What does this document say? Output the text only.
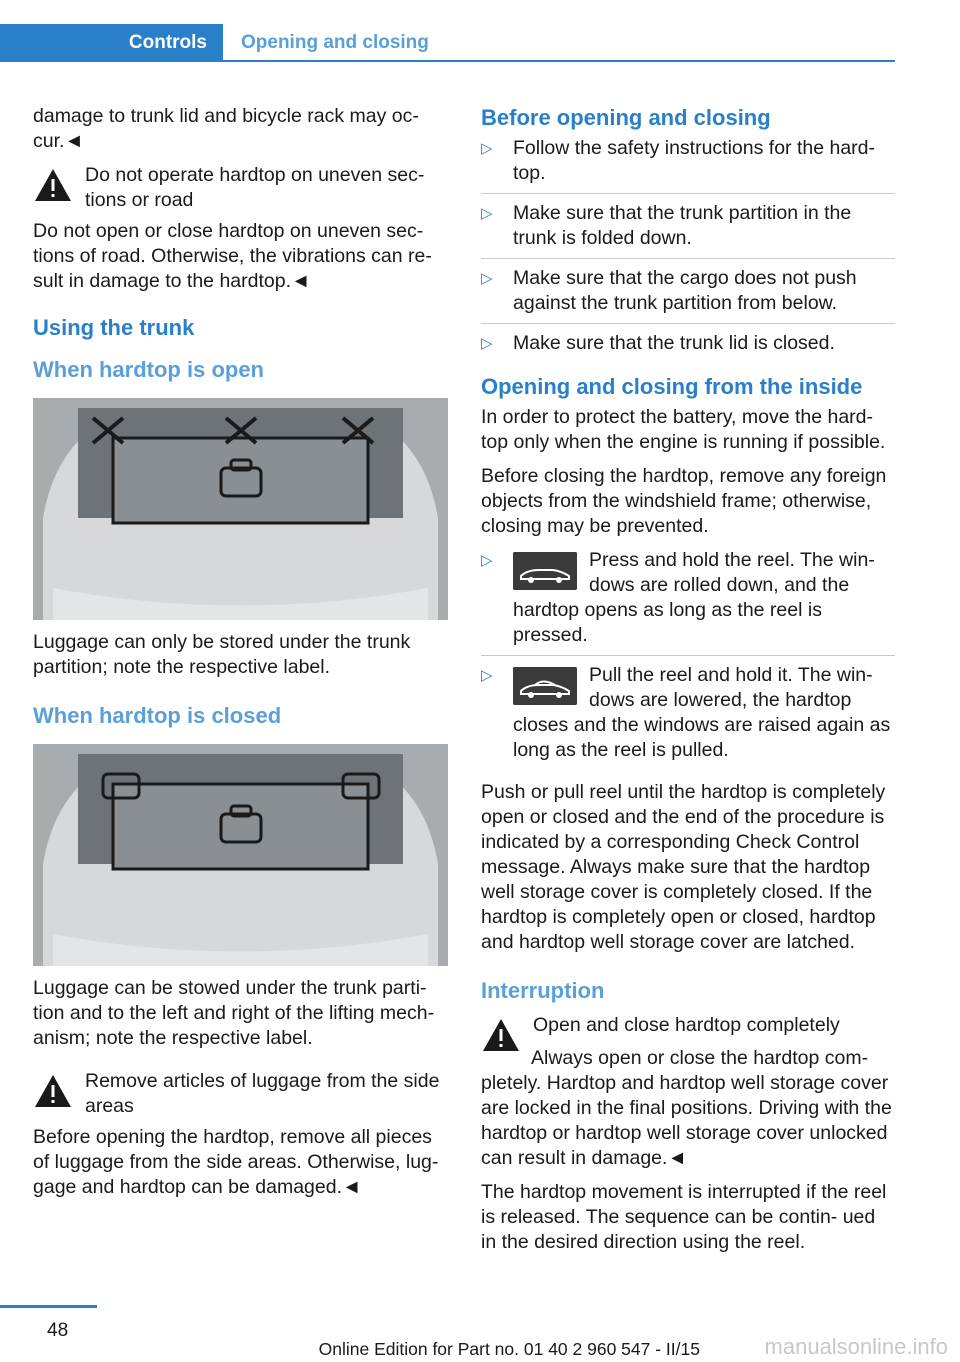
Controls	Opening and closing

damage to trunk lid and bicycle rack may oc- cur.◄

Do not operate hardtop on uneven sec- tions or road

Do not open or close hardtop on uneven sec- tions of road. Otherwise, the vibrations can re- sult in damage to the hardtop.◄

Using the trunk
When hardtop is open

Luggage can only be stored under the trunk partition; note the respective label.

When hardtop is closed

Luggage can be stowed under the trunk parti- tion and to the left and right of the lifting mech- anism; note the respective label.

Remove articles of luggage from the side areas

Before opening the hardtop, remove all pieces of luggage from the side areas. Otherwise, lug- gage and hardtop can be damaged.◄

Before opening and closing
▷ Follow the safety instructions for the hard- top.
▷ Make sure that the trunk partition in the trunk is folded down.
▷ Make sure that the cargo does not push against the trunk partition from below.
▷ Make sure that the trunk lid is closed.
Opening and closing from the inside

In order to protect the battery, move the hard- top only when the engine is running if possible.

Before closing the hardtop, remove any foreign objects from the windshield frame; otherwise, closing may be prevented.

▷	Press and hold the reel. The win- dows are rolled down, and the hardtop opens as long as the reel is pressed.
▷	Pull the reel and hold it. The win- dows are lowered, the hardtop closes and the windows are raised again as long as the reel is pulled.

Push or pull reel until the hardtop is completely open or closed and the end of the procedure is indicated by a corresponding Check Control message. Always make sure that the hardtop well storage cover is completely closed. If the hardtop is completely open or closed, hardtop and hardtop well storage cover are latched.

Interruption
Open and close hardtop completely

Always open or close the hardtop com- pletely. Hardtop and hardtop well storage cover are locked in the final positions. Driving with the hardtop or hardtop well storage cover unlocked can result in damage.◄

The hardtop movement is interrupted if the reel is released. The sequence can be contin- ued in the desired direction using the reel.

48
Online Edition for Part no. 01 40 2 960 547 - II/15	manualsonline.info
